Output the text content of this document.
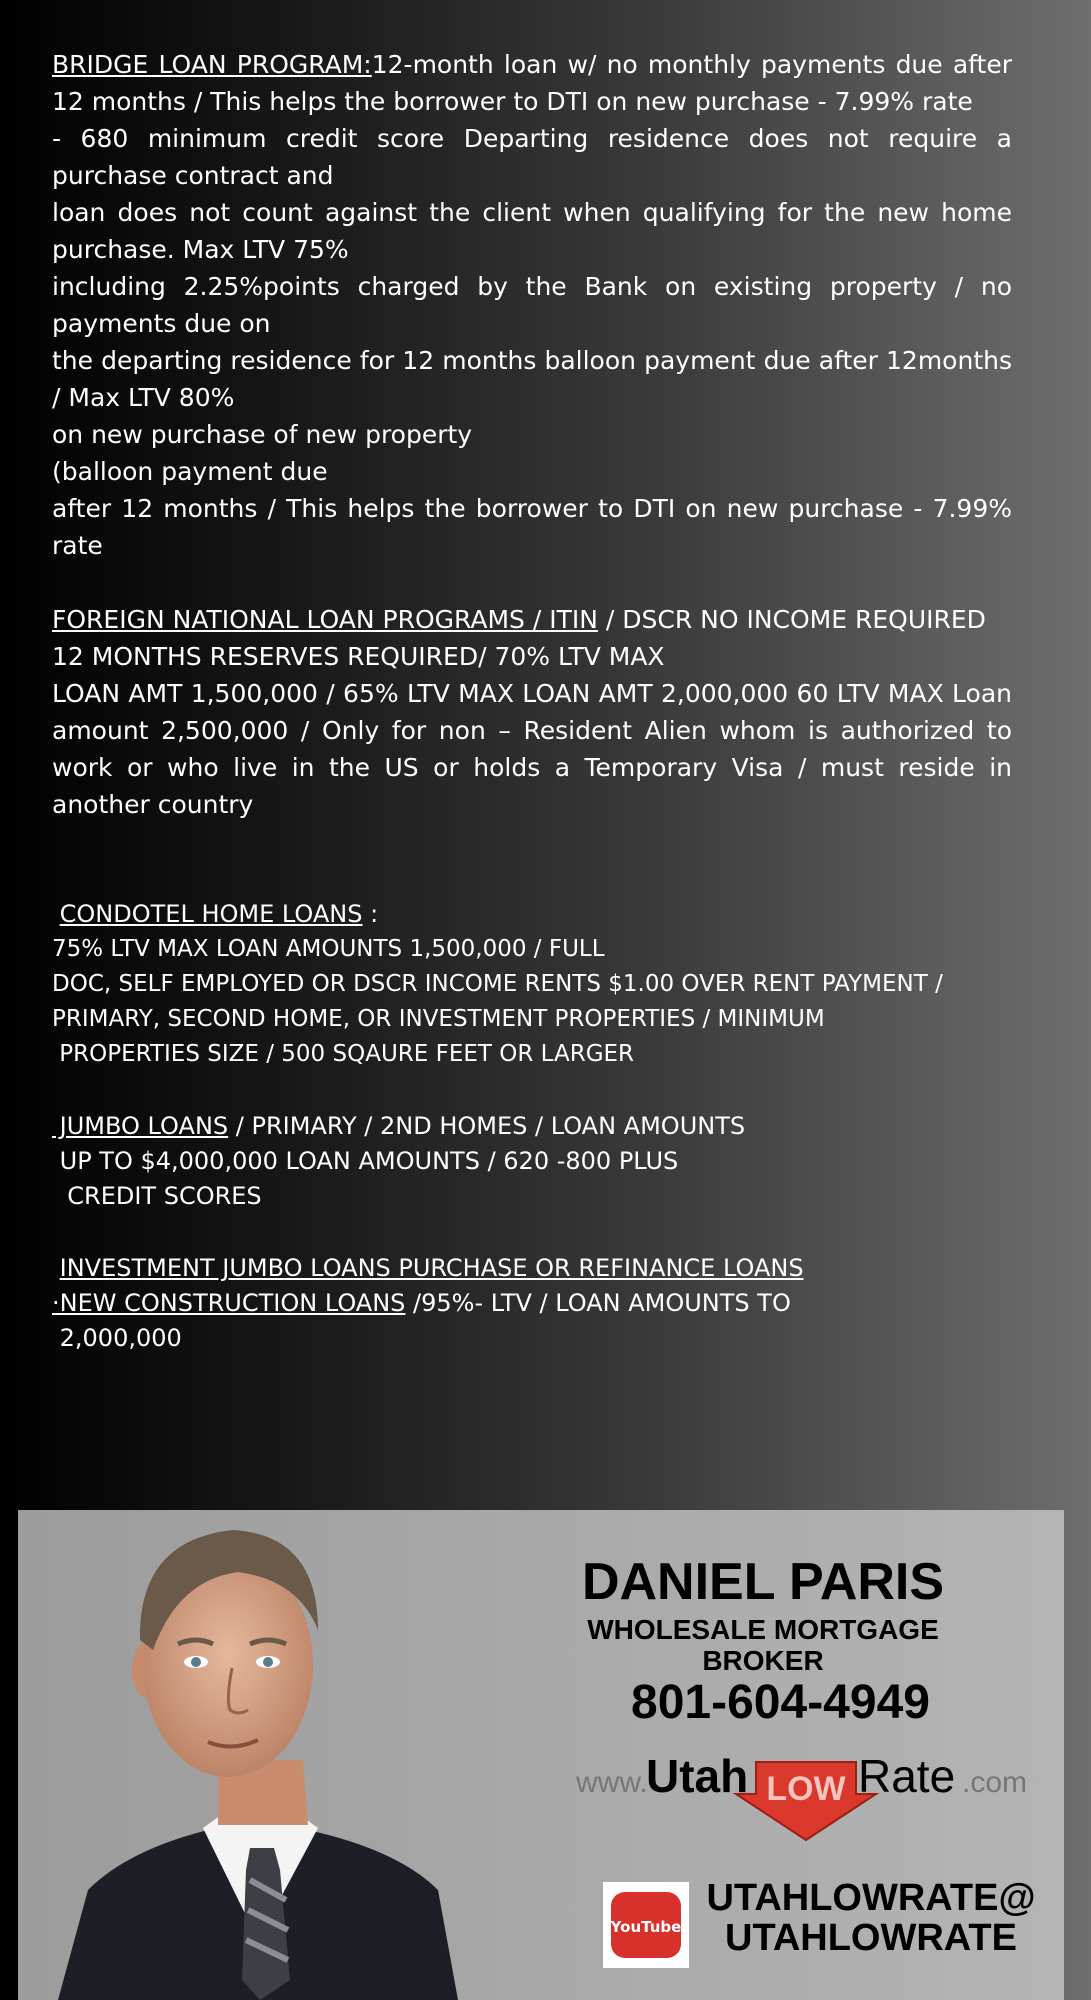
BRIDGE LOAN PROGRAM:12-month loan w/ no monthly payments due after 12 months / This helps the borrower to DTI on new purchase - 7.99% rate

- 680 minimum credit score Departing residence does not require a purchase contract and

loan does not count against the client when qualifying for the new home purchase. Max LTV 75%

including 2.25%points charged by the Bank on existing property / no payments due on

the departing residence for 12 months balloon payment due after 12months / Max LTV 80%

on new purchase of new property

(balloon payment due

after 12 months / This helps the borrower to DTI on new purchase - 7.99% rate

FOREIGN NATIONAL LOAN PROGRAMS / ITIN / DSCR NO INCOME REQUIRED

12 MONTHS RESERVES REQUIRED/ 70% LTV MAX

LOAN AMT 1,500,000 / 65% LTV MAX LOAN AMT 2,000,000 60 LTV MAX Loan amount 2,500,000 / Only for non – Resident Alien whom is authorized to work or who live in the US or holds a Temporary Visa / must reside in another country

CONDOTEL HOME LOANS :

75% LTV MAX LOAN AMOUNTS 1,500,000 / FULL

DOC, SELF EMPLOYED OR DSCR INCOME RENTS $1.00 OVER RENT PAYMENT / PRIMARY, SECOND HOME, OR INVESTMENT PROPERTIES / MINIMUM

PROPERTIES SIZE / 500 SQAURE FEET OR LARGER

JUMBO LOANS / PRIMARY / 2ND HOMES / LOAN AMOUNTS

UP TO $4,000,000 LOAN AMOUNTS / 620 -800 PLUS

CREDIT SCORES

INVESTMENT JUMBO LOANS PURCHASE OR REFINANCE LOANS

·NEW CONSTRUCTION LOANS /95%- LTV / LOAN AMOUNTS TO

2,000,000

DANIEL PARIS
WHOLESALE MORTGAGE BROKER
801-604-4949
www.
Utah LOW Rate .com
YouTube
UTAHLOWRATE@
UTAHLOWRATE
